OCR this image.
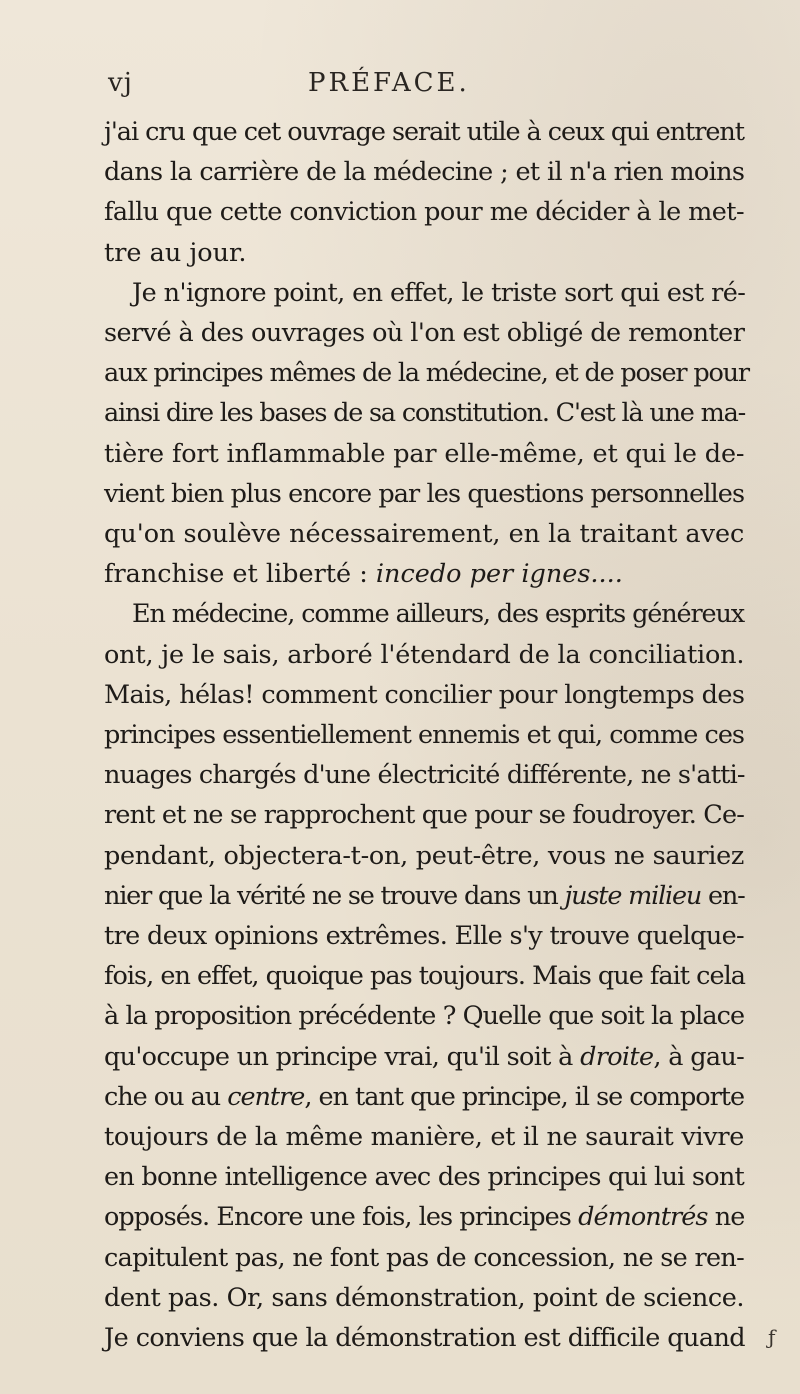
vj	PRÉFACE.
j'ai cru que cet ouvrage serait utile à ceux qui entrent
dans la carrière de la médecine ; et il n'a rien moins
fallu que cette conviction pour me décider à le met-
tre au jour.
Je n'ignore point, en effet, le triste sort qui est ré-
servé à des ouvrages où l'on est obligé de remonter
aux principes mêmes de la médecine, et de poser pour
ainsi dire les bases de sa constitution. C'est là une ma-
tière fort inflammable par elle-même, et qui le de-
vient bien plus encore par les questions personnelles
qu'on soulève nécessairement, en la traitant avec
franchise et liberté : incedo per ignes....
En médecine, comme ailleurs, des esprits généreux
ont, je le sais, arboré l'étendard de la conciliation.
Mais, hélas! comment concilier pour longtemps des
principes essentiellement ennemis et qui, comme ces
nuages chargés d'une électricité différente, ne s'atti-
rent et ne se rapprochent que pour se foudroyer. Ce-
pendant, objectera-t-on, peut-être, vous ne sauriez
nier que la vérité ne se trouve dans un juste milieu en-
tre deux opinions extrêmes. Elle s'y trouve quelque-
fois, en effet, quoique pas toujours. Mais que fait cela
à la proposition précédente ? Quelle que soit la place
qu'occupe un principe vrai, qu'il soit à droite, à gau-
che ou au centre, en tant que principe, il se comporte
toujours de la même manière, et il ne saurait vivre
en bonne intelligence avec des principes qui lui sont
opposés. Encore une fois, les principes démontrés ne
capitulent pas, ne font pas de concession, ne se ren-
dent pas. Or, sans démonstration, point de science.
Je conviens que la démonstration est difficile quand ƒ
